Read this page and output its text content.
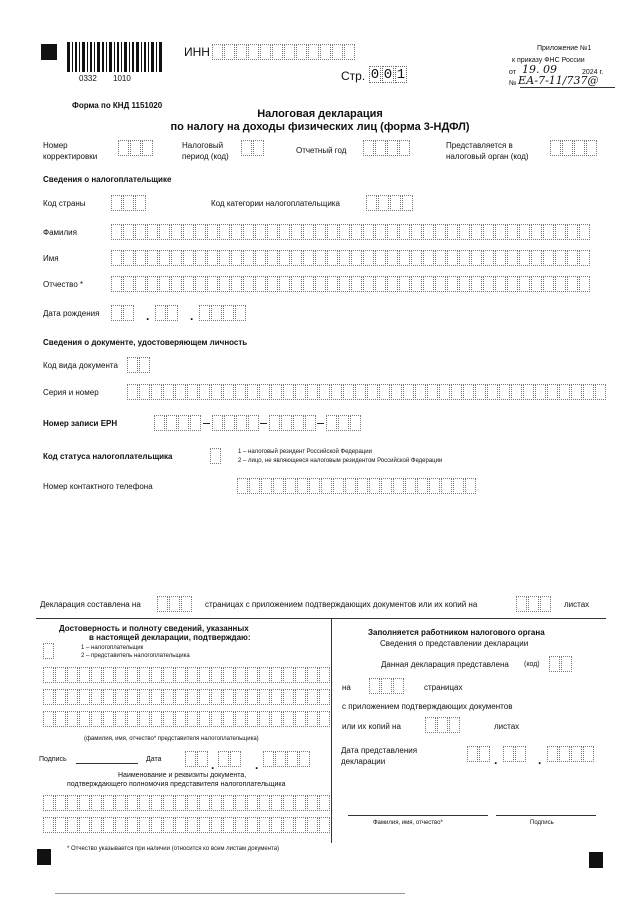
0332 1010
ИНН
Стр. 0 0 1
Приложение №1
к приказу ФНС России
от 19. 09	2024 г.
№ ЕА-7-11/737@
Форма по КНД 1151020
Налоговая декларация
по налогу на доходы физических лиц (форма 3-НДФЛ)
Номер
корректировки
Налоговый
период (код)
Отчетный год
Представляется в
налоговый орган (код)
Сведения о налогоплательщике
Код страны	Код категории налогоплательщика
Фамилия
Имя
Отчество *
Дата рождения	.	.
Сведения о документе, удостоверяющем личность
Код вида документа
Серия и номер
Номер записи ЕРН
Код статуса налогоплательщика	1 – налоговый резидент Российской Федерации
2 – лицо, не являющееся налоговым резидентом Российской Федерации
Номер контактного телефона
Декларация составлена на	страницах с приложением подтверждающих документов или их копий на	листах
Достоверность и полноту сведений, указанных
в настоящей декларации, подтверждаю:
1 – налогоплательщик
2 – представитель налогоплательщика
(фамилия, имя, отчество* представителя налогоплательщика)
Подпись	Дата	.	.
Наименование и реквизиты документа,
подтверждающего полномочия представителя налогоплательщика
Заполняется работником налогового органа
Сведения о представлении декларации
Данная декларация представлена (код)
на	страницах
с приложением подтверждающих документов
или их копий на	листах
Дата представления
декларации	.	.
Фамилия, имя, отчество*	Подпись
* Отчество указывается при наличии (относится ко всем листам документа)
